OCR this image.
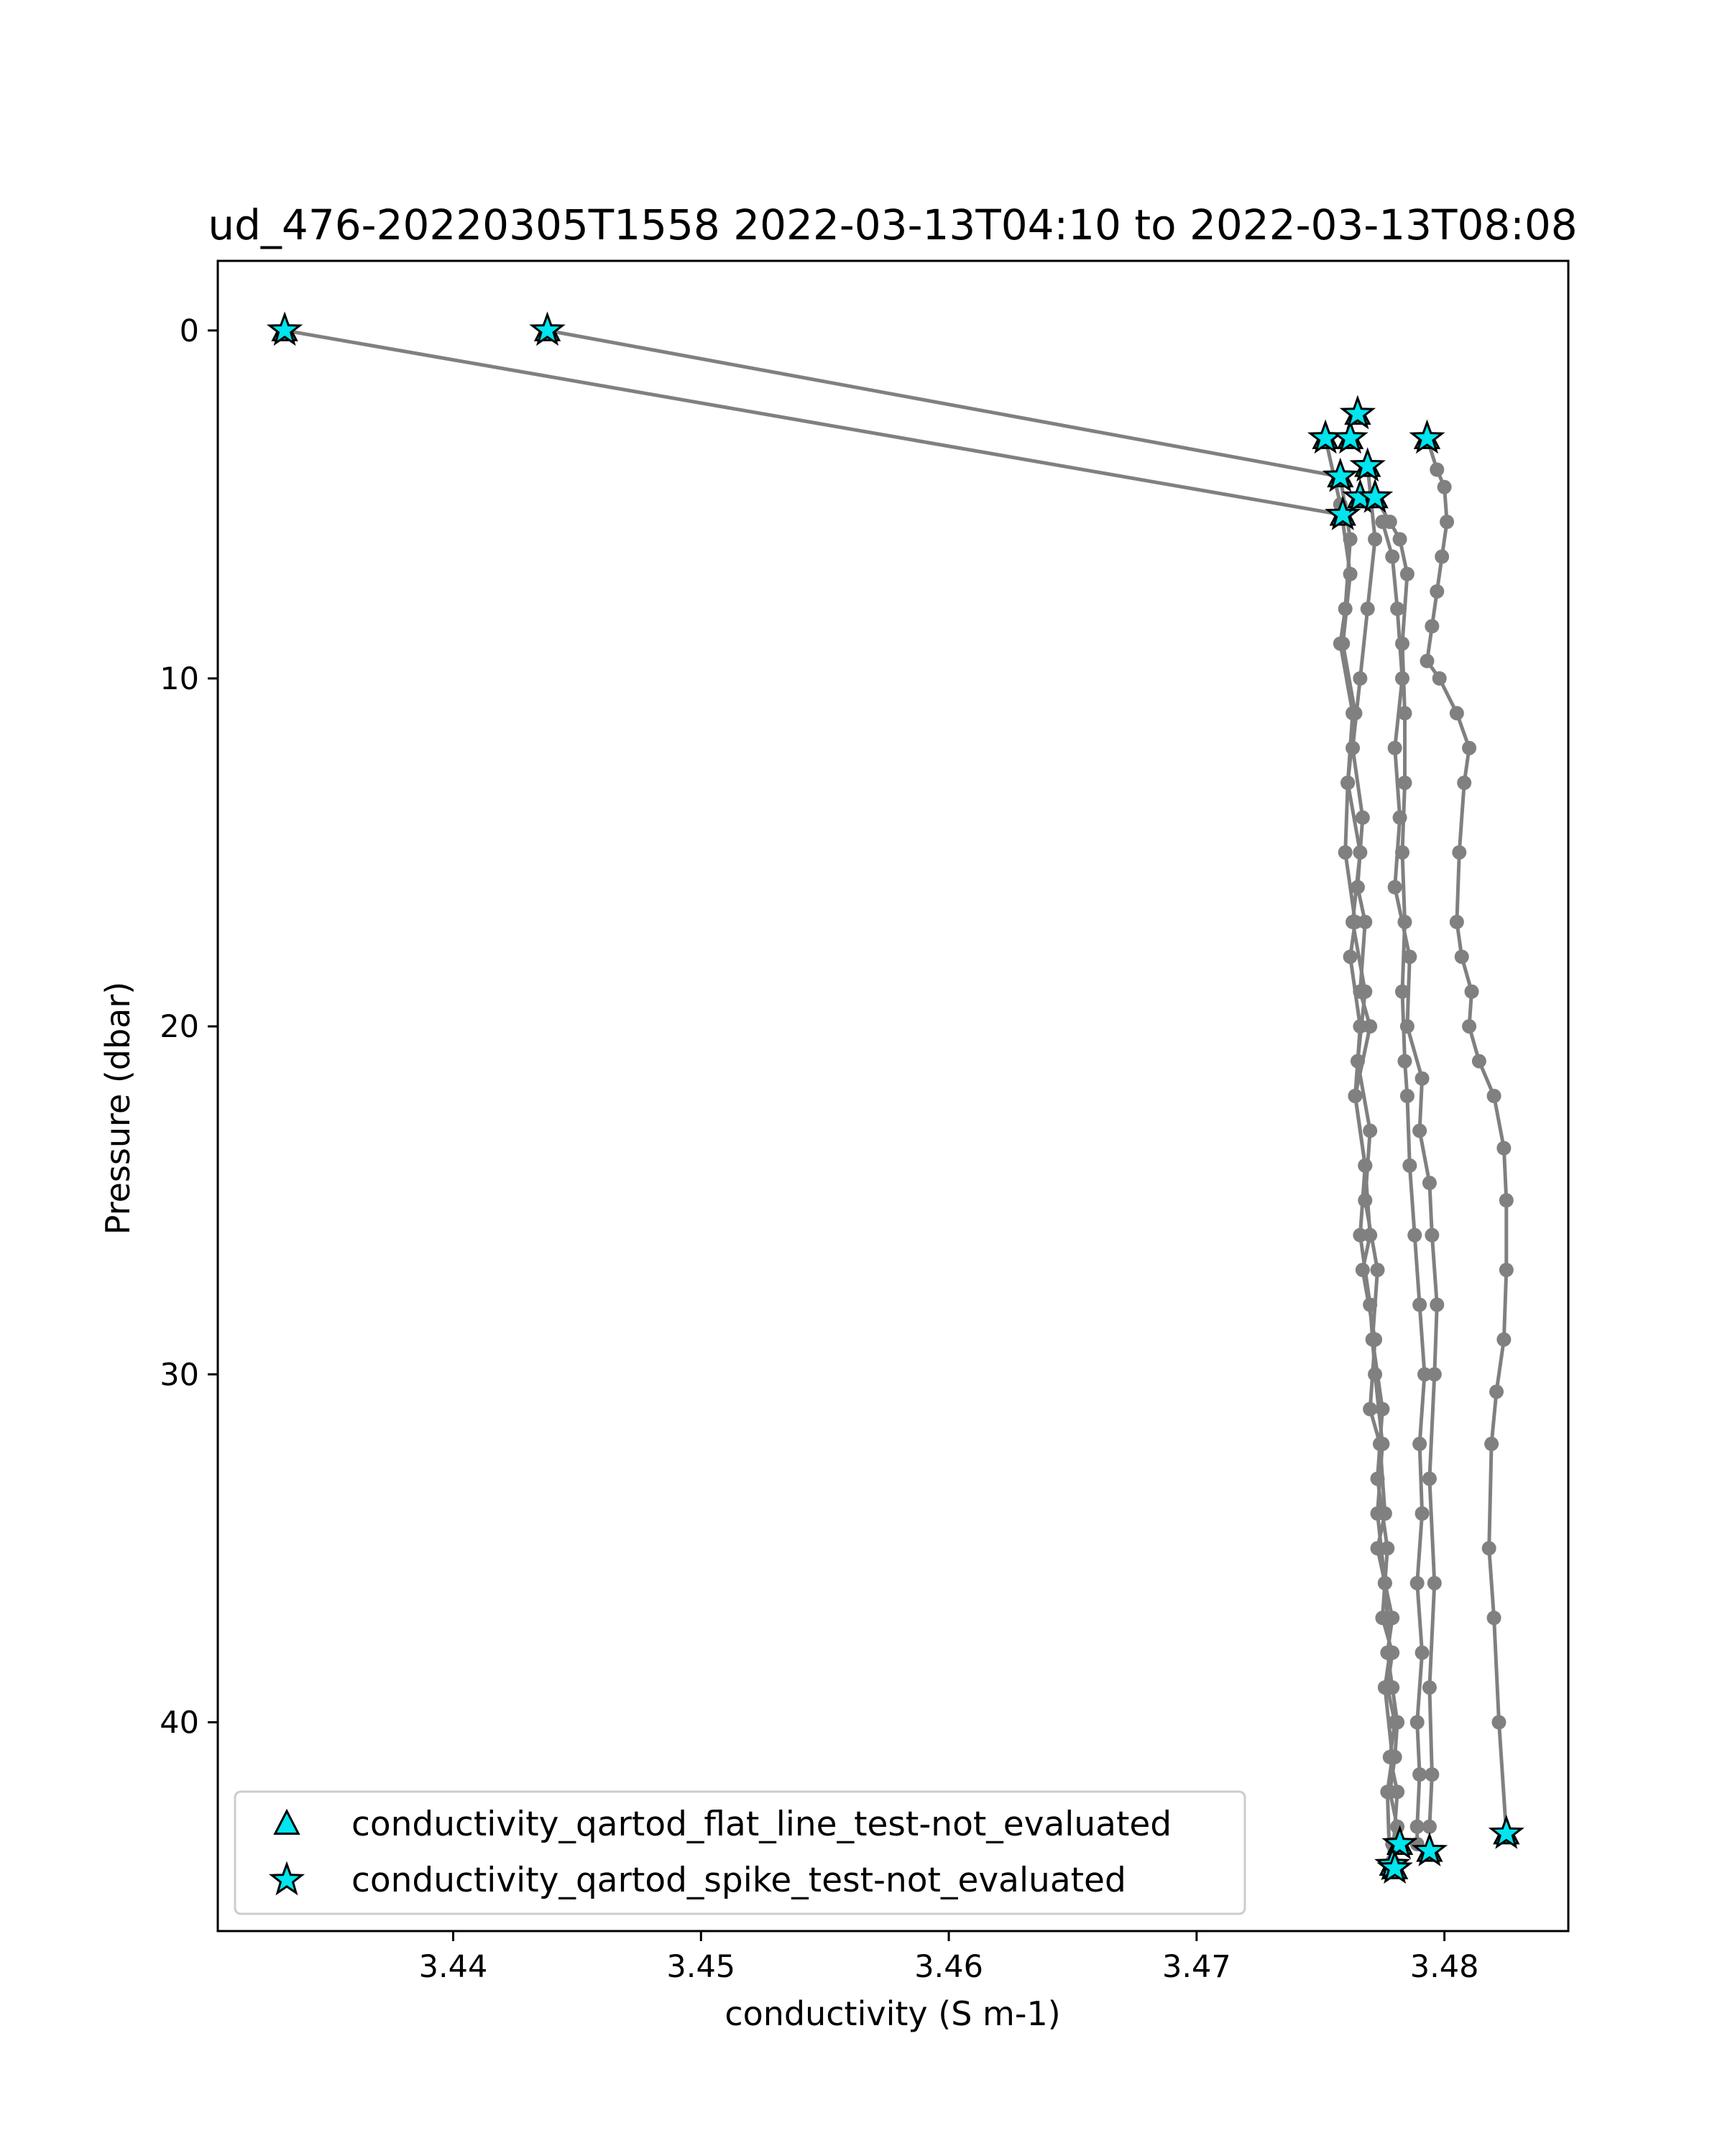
ud_476-20220305T1558 2022-03-13T04:10 to 2022-03-13T08:08
3.44	3.45	3.46	3.47	3.48
0
10
20
30
40
conductivity (S m-1)
Pressure (dbar)
conductivity_qartod_flat_line_test-not_evaluated
conductivity_qartod_spike_test-not_evaluated
